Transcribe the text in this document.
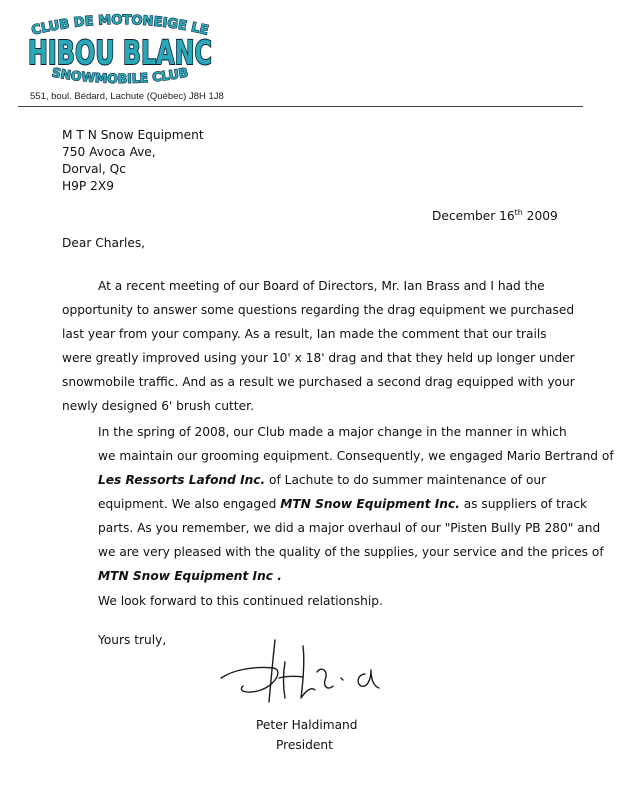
CLUB DE MOTONEIGE LE
HIBOU BLANC
SNOWMOBILE CLUB
551, boul. Bédard, Lachute (Québec) J8H 1J8
M T N Snow Equipment
750 Avoca Ave,
Dorval, Qc
H9P 2X9
December 16th 2009
Dear Charles,
At a recent meeting of our Board of Directors, Mr. Ian Brass and I had the
opportunity to answer some questions regarding the drag equipment we purchased
last year from your company. As a result, Ian made the comment that our trails
were greatly improved using your 10' x 18' drag and that they held up longer under
snowmobile traffic. And as a result we purchased a second drag equipped with your
newly designed 6' brush cutter.
In the spring of 2008, our Club made a major change in the manner in which
we maintain our grooming equipment. Consequently, we engaged Mario Bertrand of
Les Ressorts Lafond Inc. of Lachute to do summer maintenance of our
equipment. We also engaged MTN Snow Equipment Inc. as suppliers of track
parts. As you remember, we did a major overhaul of our "Pisten Bully PB 280" and
we are very pleased with the quality of the supplies, your service and the prices of
MTN Snow Equipment Inc .
We look forward to this continued relationship.
Yours truly,
Peter Haldimand
President
